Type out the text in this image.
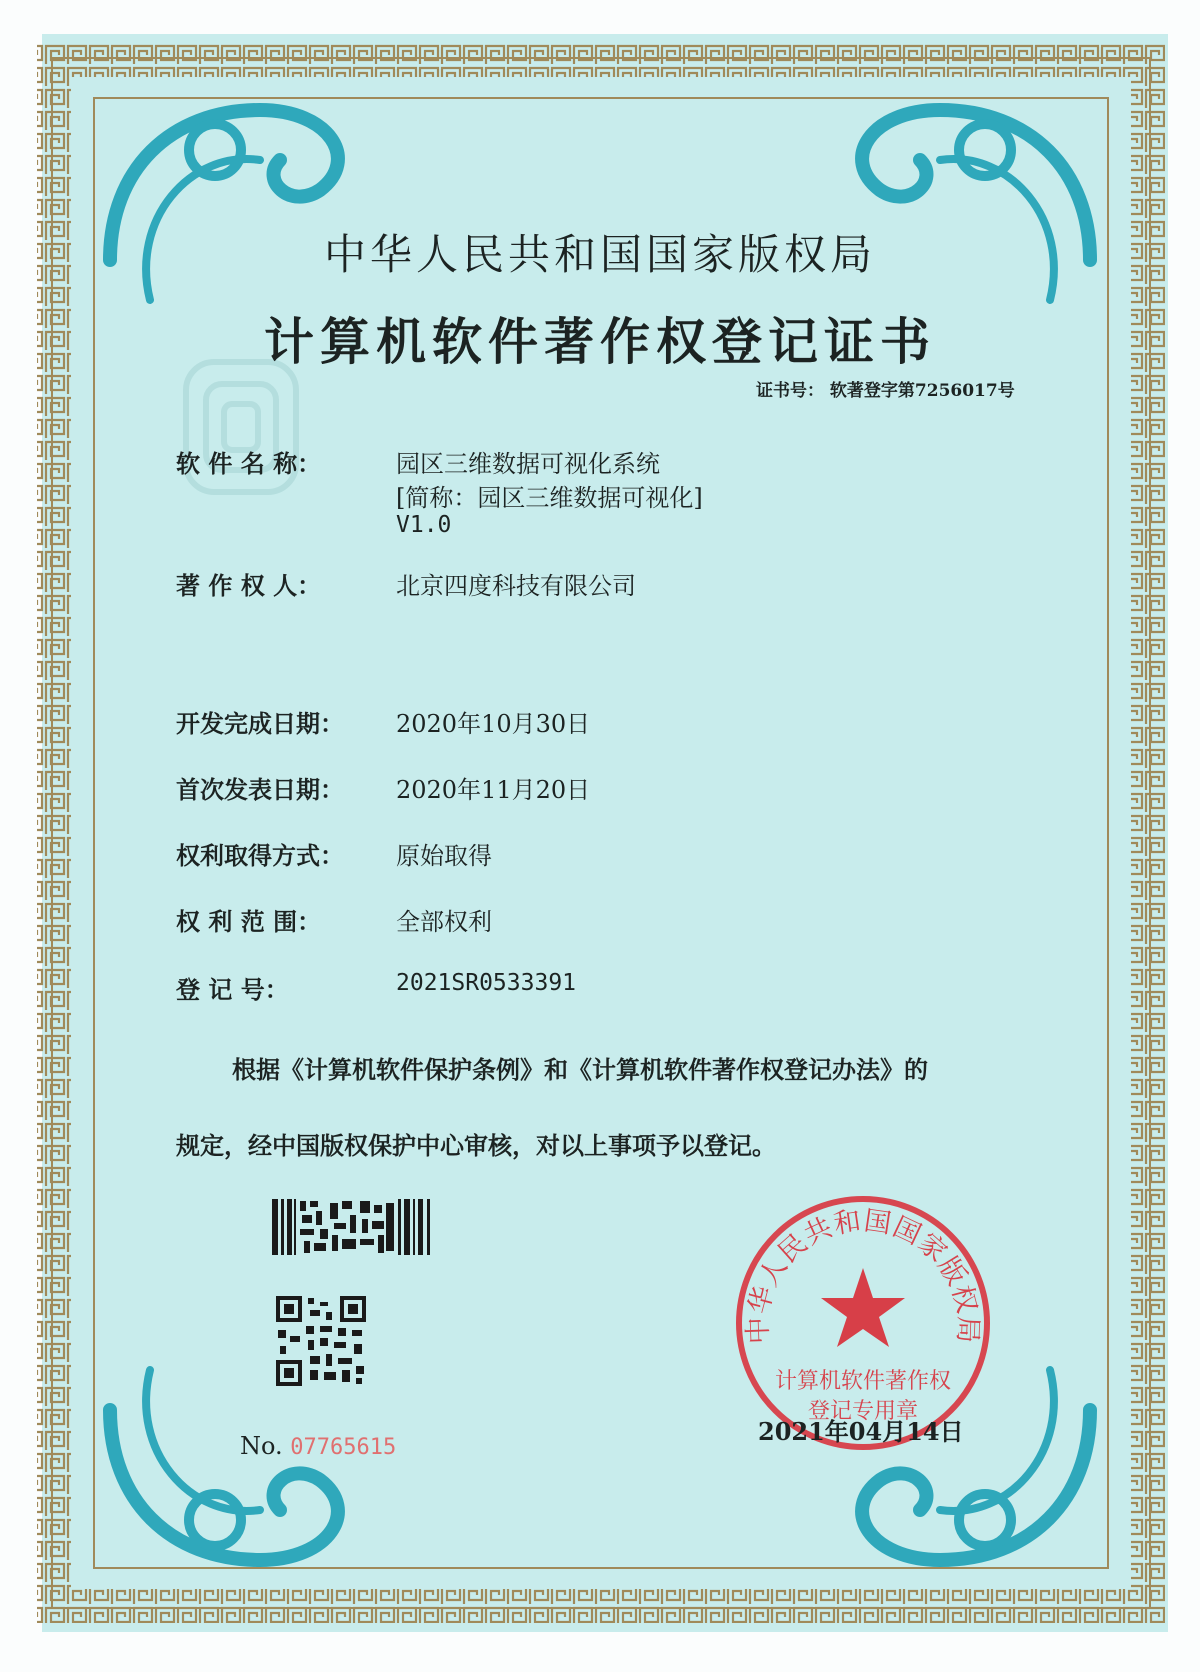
中华人民共和国国家版权局
计算机软件著作权登记证书
证书号： 软著登字第7256017号
软 件 名 称：	园区三维数据可视化系统
[简称：园区三维数据可视化]
V1.0
著 作 权 人：	北京四度科技有限公司
开发完成日期： 2020年10月30日
首次发表日期： 2020年11月20日
权利取得方式： 原始取得
权 利 范 围：	全部权利
登 记 号：	2021SR0533391
根据《计算机软件保护条例》和《计算机软件著作权登记办法》的
规定，经中国版权保护中心审核，对以上事项予以登记。
No. 07765615
中华人民共和国国家版权局
计算机软件著作权
登记专用章
2021年04月14日
